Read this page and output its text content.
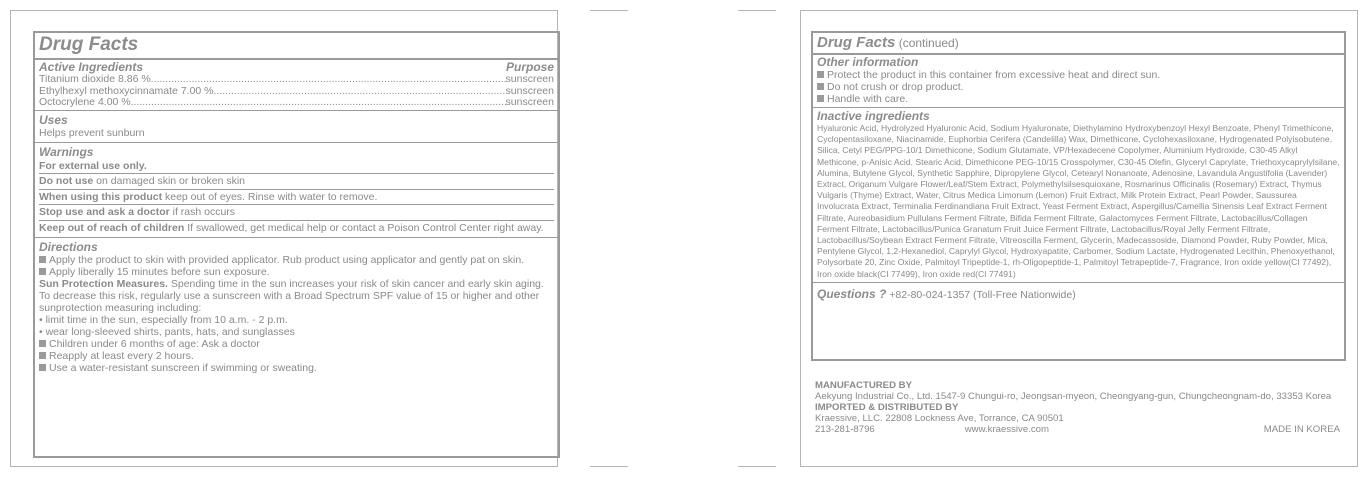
Drug Facts
Active Ingredients	Purpose
Titanium dioxide 8.86 % .....	sunscreen
Ethylhexyl methoxycinnamate 7.00 % .....	sunscreen
Octocrylene 4.00 % .....	sunscreen
Uses
Helps prevent sunburn
Warnings
For external use only.
Do not use on damaged skin or broken skin
When using this product keep out of eyes. Rinse with water to remove.
Stop use and ask a doctor if rash occurs
Keep out of reach of children If swallowed, get medical help or contact a Poison Control Center right away.
Directions
Apply the product to skin with provided applicator. Rub product using applicator and gently pat on skin.
Apply liberally 15 minutes before sun exposure.
Sun Protection Measures. Spending time in the sun increases your risk of skin cancer and early skin aging. To decrease this risk, regularly use a sunscreen with a Broad Spectrum SPF value of 15 or higher and other sunprotection measuring including:
• limit time in the sun, especially from 10 a.m. - 2 p.m.
• wear long-sleeved shirts, pants, hats, and sunglasses
Children under 6 months of age: Ask a doctor
Reapply at least every 2 hours.
Use a water-resistant sunscreen if swimming or sweating.
Drug Facts (continued)
Other information
Protect the product in this container from excessive heat and direct sun.
Do not crush or drop product.
Handle with care.
Inactive ingredients
Hyaluronic Acid, Hydrolyzed Hyaluronic Acid, Sodium Hyaluronate, Diethylamino Hydroxybenzoyl Hexyl Benzoate, Phenyl Trimethicone, Cyclopentasiloxane, Niacinamide, Euphorbia Cerifera (Candelilla) Wax, Dimethicone, Cyclohexasiloxane, Hydrogenated Polyisobutene, Silica, Cetyl PEG/PPG-10/1 Dimethicone, Sodium Glutamate, VP/Hexadecene Copolymer, Aluminium Hydroxide, C30-45 Alkyl Methicone, p-Anisic Acid, Stearic Acid, Dimethicone PEG-10/15 Crosspolymer, C30-45 Olefin, Glyceryl Caprylate, Triethoxycaprylylsilane, Alumina, Butylene Glycol, Synthetic Sapphire, Dipropylene Glycol, Cetearyl Nonanoate, Adenosine, Lavandula Angustifolia (Lavender) Extract, Origanum Vulgare Flower/Leaf/Stem Extract, Polymethylsilsesquioxane, Rosmarinus Officinalis (Rosemary) Extract, Thymus Vulgaris (Thyme) Extract, Water, Citrus Medica Limonum (Lemon) Fruit Extract, Milk Protein Extract, Pearl Powder, Saussurea Involucrata Extract, Terminalia Ferdinandiana Fruit Extract, Yeast Ferment Extract, Aspergillus/Camellia Sinensis Leaf Extract Ferment Filtrate, Aureobasidium Pullulans Ferment Filtrate, Bifida Ferment Filtrate, Galactomyces Ferment Filtrate, Lactobacillus/Collagen Ferment Filtrate, Lactobacillus/Punica Granatum Fruit Juice Ferment Filtrate, Lactobacillus/Royal Jelly Ferment Filtrate, Lactobacillus/Soybean Extract Ferment Filtrate, Vitreoscilla Ferment, Glycerin, Madecassoside, Diamond Powder, Ruby Powder, Mica, Pentylene Glycol, 1,2-Hexanediol, Caprylyl Glycol, Hydroxyapatite, Carbomer, Sodium Lactate, Hydrogenated Lecithin, Phenoxyethanol, Polysorbate 20, Zinc Oxide, Palmitoyl Tripeptide-1, rh-Oligopeptide-1, Palmitoyl Tetrapeptide-7, Fragrance, Iron oxide yellow(CI 77492), Iron oxide black(CI 77499), Iron oxide red(CI 77491)
Questions ? +82-80-024-1357 (Toll-Free Nationwide)
MANUFACTURED BY
Aekyung Industrial Co., Ltd. 1547-9 Chungui-ro, Jeongsan-myeon, Cheongyang-gun, Chungcheongnam-do, 33353 Korea
IMPORTED & DISTRIBUTED BY
Kraessive, LLC. 22808 Lockness Ave, Torrance, CA 90501
213-281-8796	www.kraessive.com	MADE IN KOREA
